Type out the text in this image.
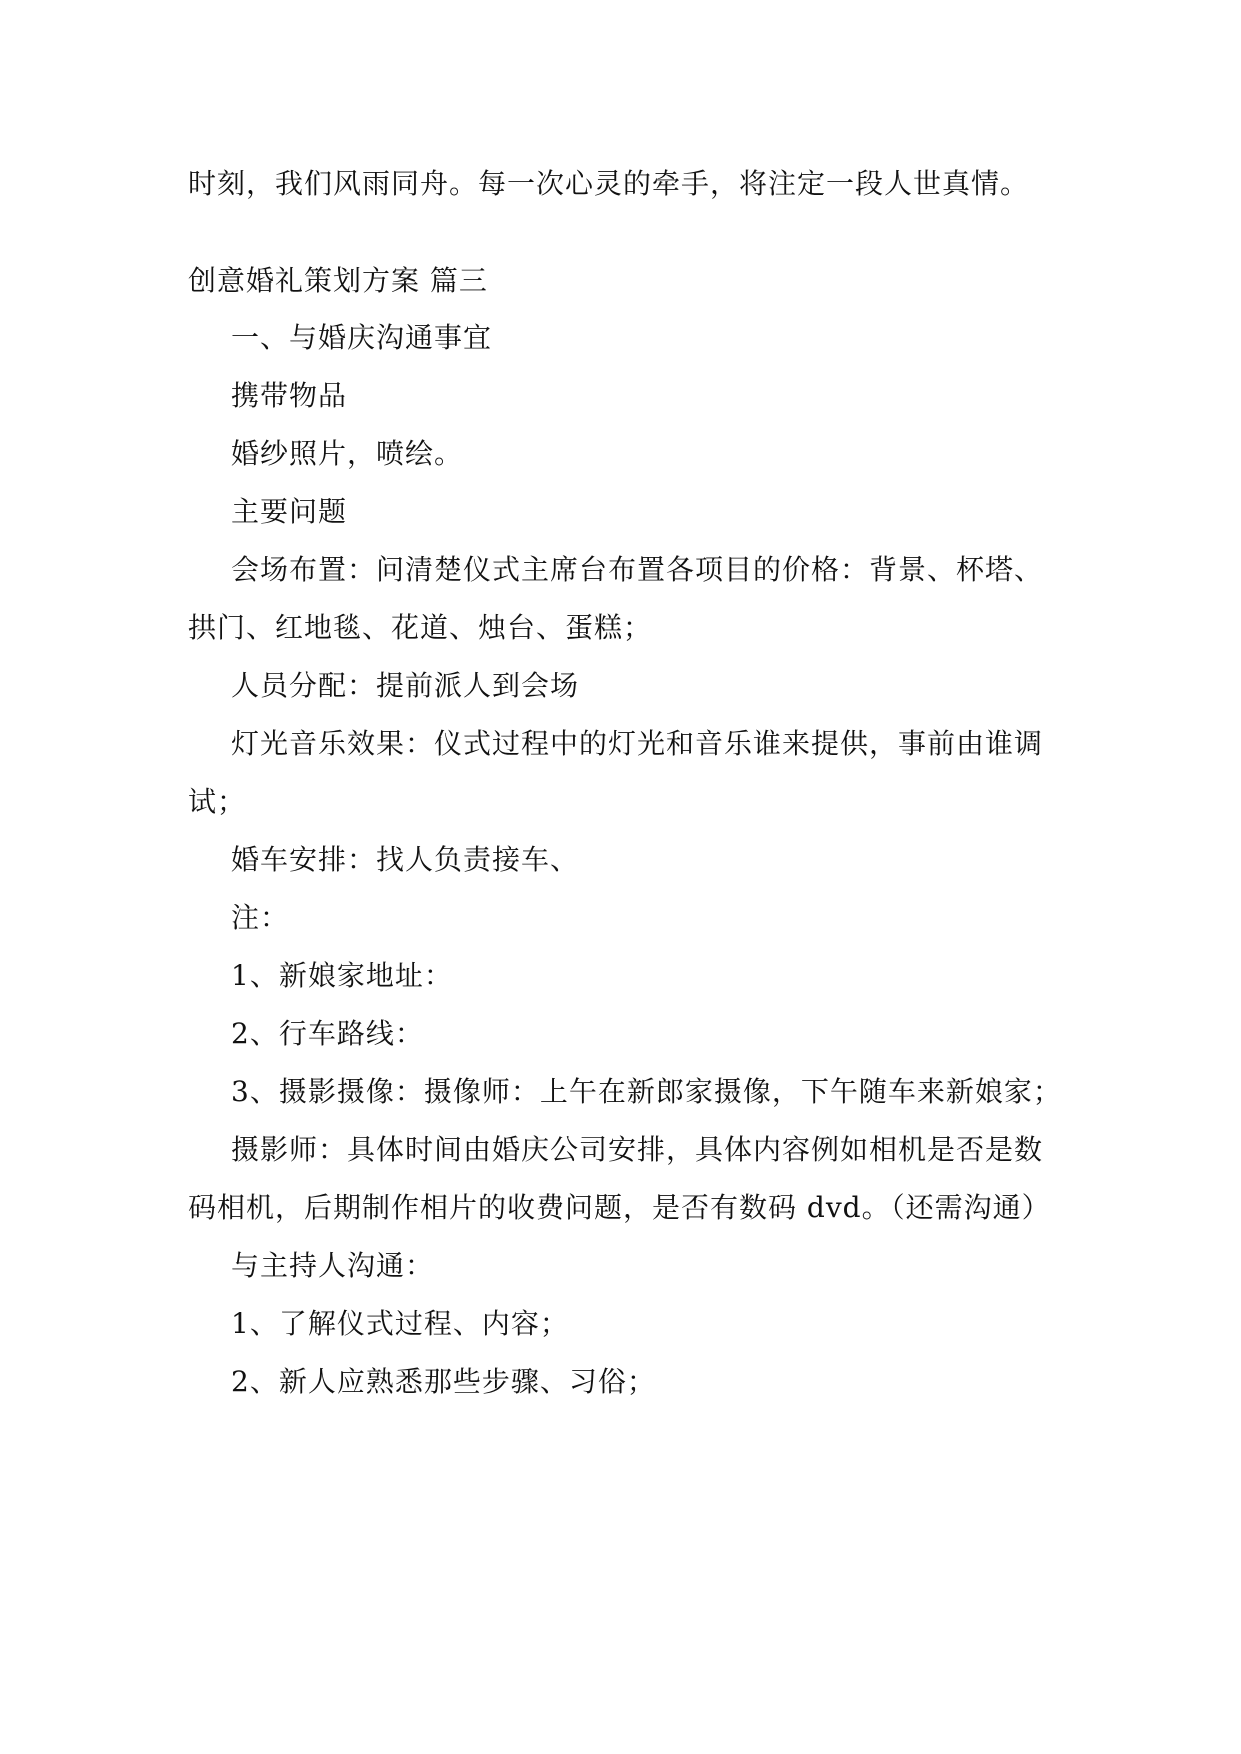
时刻，我们风雨同舟。每一次心灵的牵手，将注定一段人世真情。
创意婚礼策划方案 篇三
一、与婚庆沟通事宜
携带物品
婚纱照片，喷绘。
主要问题
会场布置：问清楚仪式主席台布置各项目的价格：背景、杯塔、
拱门、红地毯、花道、烛台、蛋糕；
人员分配：提前派人到会场
灯光音乐效果：仪式过程中的灯光和音乐谁来提供，事前由谁调
试；
婚车安排：找人负责接车、
注：
1、新娘家地址：
2、行车路线：
3、摄影摄像：摄像师：上午在新郎家摄像，下午随车来新娘家；
摄影师：具体时间由婚庆公司安排，具体内容例如相机是否是数
码相机，后期制作相片的收费问题，是否有数码 dvd。（还需沟通）
与主持人沟通：
1、了解仪式过程、内容；
2、新人应熟悉那些步骤、习俗；
